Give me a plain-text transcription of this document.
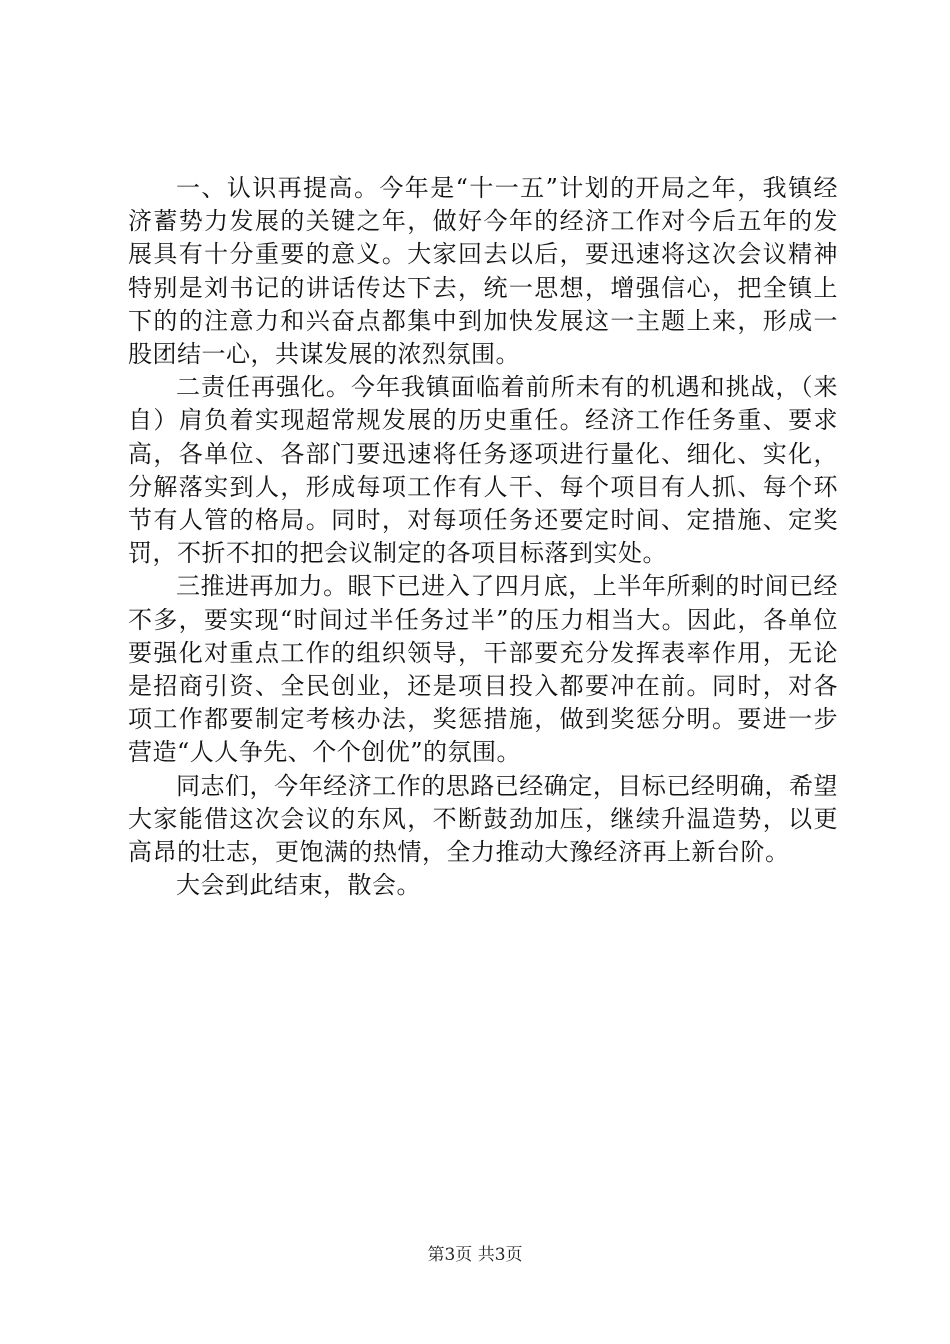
一、认识再提高。今年是“十一五”计划的开局之年，我镇经济蓄势力发展的关键之年，做好今年的经济工作对今后五年的发展具有十分重要的意义。大家回去以后，要迅速将这次会议精神特别是刘书记的讲话传达下去，统一思想，增强信心，把全镇上下的的注意力和兴奋点都集中到加快发展这一主题上来，形成一股团结一心，共谋发展的浓烈氛围。

二责任再强化。今年我镇面临着前所未有的机遇和挑战，（来自）肩负着实现超常规发展的历史重任。经济工作任务重、要求高，各单位、各部门要迅速将任务逐项进行量化、细化、实化，分解落实到人，形成每项工作有人干、每个项目有人抓、每个环节有人管的格局。同时，对每项任务还要定时间、定措施、定奖罚，不折不扣的把会议制定的各项目标落到实处。

三推进再加力。眼下已进入了四月底，上半年所剩的时间已经不多，要实现“时间过半任务过半”的压力相当大。因此，各单位要强化对重点工作的组织领导，干部要充分发挥表率作用，无论是招商引资、全民创业，还是项目投入都要冲在前。同时，对各项工作都要制定考核办法，奖惩措施，做到奖惩分明。要进一步营造“人人争先、个个创优”的氛围。

同志们，今年经济工作的思路已经确定，目标已经明确，希望大家能借这次会议的东风，不断鼓劲加压，继续升温造势，以更高昂的壮志，更饱满的热情，全力推动大豫经济再上新台阶。

大会到此结束，散会。

第3页 共3页
